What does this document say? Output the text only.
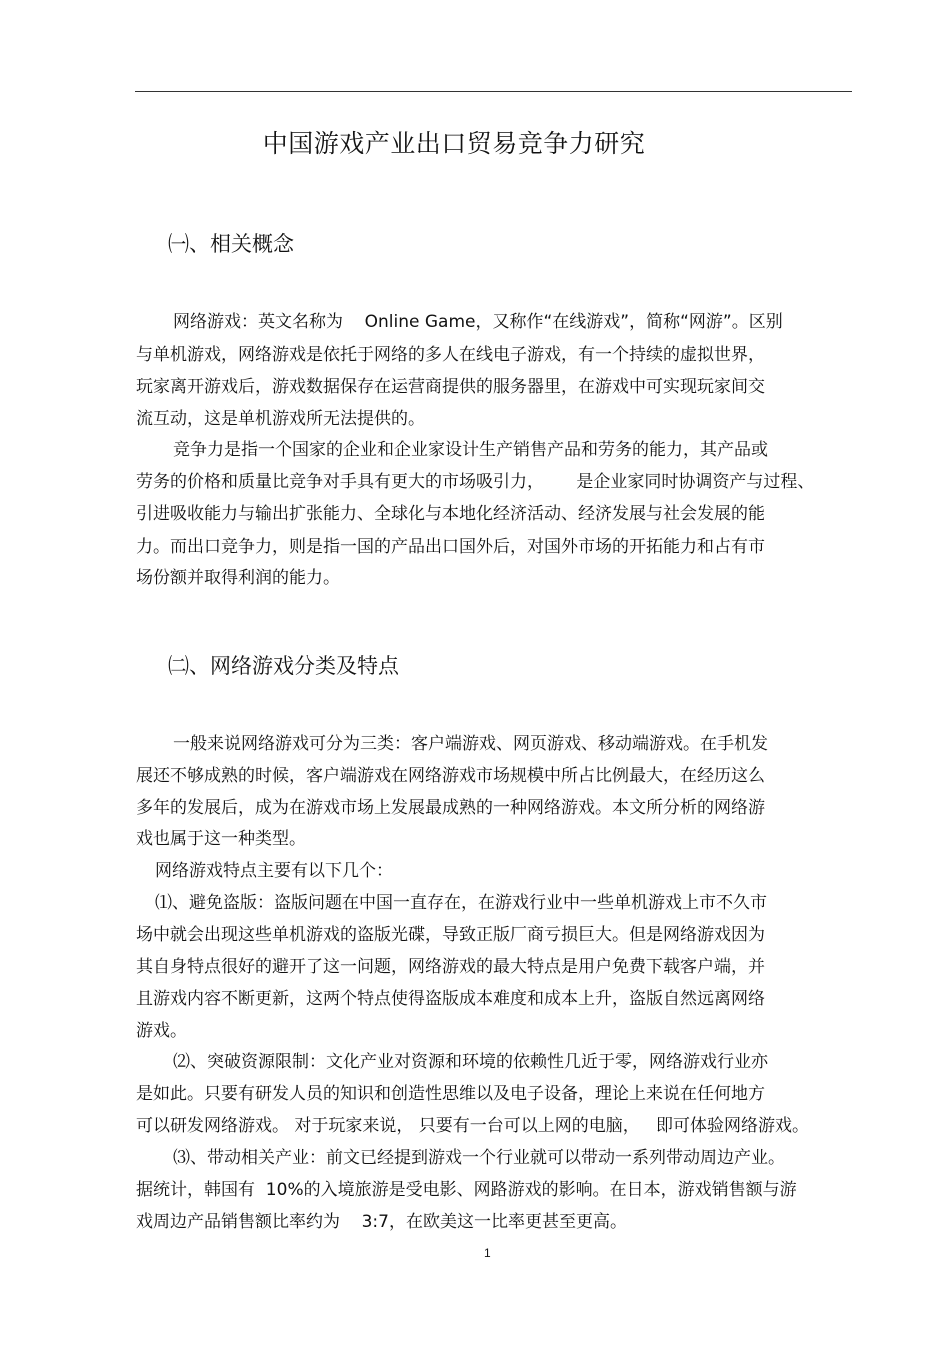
中国游戏产业出口贸易竞争力研究
㈠、相关概念
网络游戏：英文名称为    Online Game，又称作“在线游戏”，简称“网游”。区别
与单机游戏，网络游戏是依托于网络的多人在线电子游戏，有一个持续的虚拟世界，
玩家离开游戏后，游戏数据保存在运营商提供的服务器里，在游戏中可实现玩家间交
流互动，这是单机游戏所无法提供的。
竞争力是指一个国家的企业和企业家设计生产销售产品和劳务的能力，其产品或
劳务的价格和质量比竞争对手具有更大的市场吸引力，      是企业家同时协调资产与过程、
引进吸收能力与输出扩张能力、全球化与本地化经济活动、经济发展与社会发展的能
力。而出口竞争力，则是指一国的产品出口国外后，对国外市场的开拓能力和占有市
场份额并取得利润的能力。
㈡、网络游戏分类及特点
一般来说网络游戏可分为三类：客户端游戏、网页游戏、移动端游戏。在手机发
展还不够成熟的时候，客户端游戏在网络游戏市场规模中所占比例最大，在经历这么
多年的发展后，成为在游戏市场上发展最成熟的一种网络游戏。本文所分析的网络游
戏也属于这一种类型。
网络游戏特点主要有以下几个：
⑴、避免盗版：盗版问题在中国一直存在，在游戏行业中一些单机游戏上市不久市
场中就会出现这些单机游戏的盗版光碟，导致正版厂商亏损巨大。但是网络游戏因为
其自身特点很好的避开了这一问题，网络游戏的最大特点是用户免费下载客户端，并
且游戏内容不断更新，这两个特点使得盗版成本难度和成本上升，盗版自然远离网络
游戏。
⑵、突破资源限制：文化产业对资源和环境的依赖性几近于零，网络游戏行业亦
是如此。只要有研发人员的知识和创造性思维以及电子设备，理论上来说在任何地方
可以研发网络游戏。 对于玩家来说， 只要有一台可以上网的电脑，   即可体验网络游戏。
⑶、带动相关产业：前文已经提到游戏一个行业就可以带动一系列带动周边产业。
据统计，韩国有  10%的入境旅游是受电影、网路游戏的影响。在日本，游戏销售额与游
戏周边产品销售额比率约为    3:7，在欧美这一比率更甚至更高。
1
